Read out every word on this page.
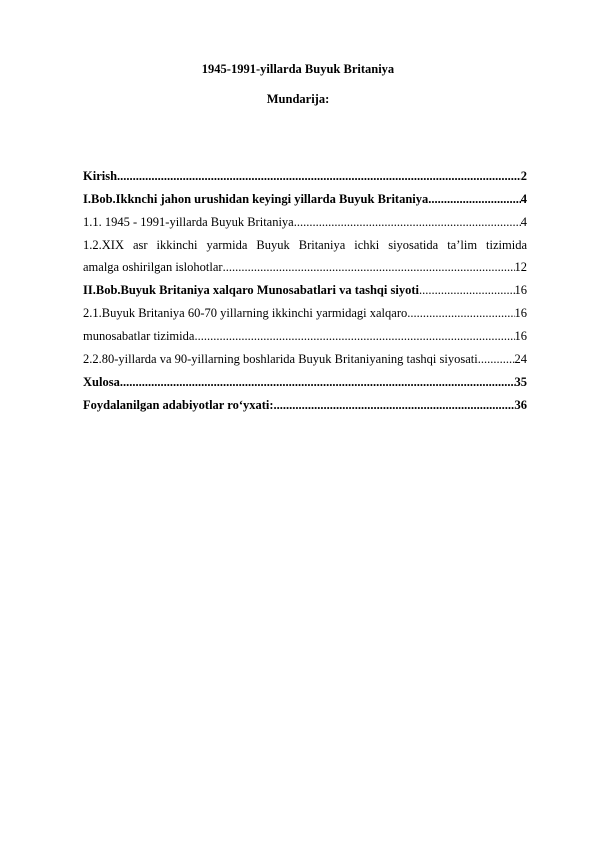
1945-1991-yillarda Buyuk Britaniya
Mundarija:
Kirish .....	2
I.Bob.Ikknchi jahon urushidan keyingi yillarda Buyuk Britaniya .....	4
1.1. 1945 - 1991-yillarda Buyuk Britaniya .....	4
1.2.XIX asr ikkinchi yarmida Buyuk Britaniya ichki siyosatida ta’lim tizimida
amalga oshirilgan islohotlar .....	12
II.Bob.Buyuk Britaniya xalqaro Munosabatlari va tashqi siyoti .....	16
2.1.Buyuk Britaniya 60-70 yillarning ikkinchi yarmidagi xalqaro .....	16
munosabatlar tizimida .....	16
2.2.80-yillarda va 90-yillarning boshlarida Buyuk Britaniyaning tashqi siyosati .....	24
Xulosa .....	35
Foydalanilgan adabiyotlar ro‘yxati: .....	36
